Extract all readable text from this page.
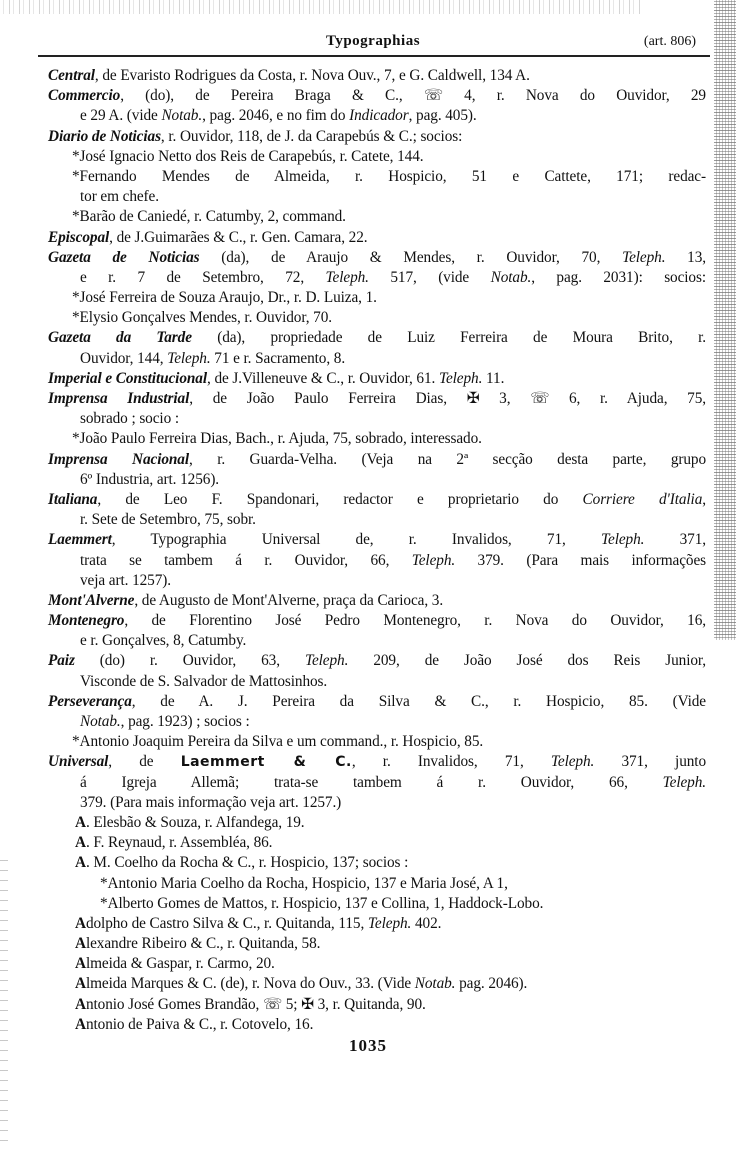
Typographias	(art. 806)
Central, de Evaristo Rodrigues da Costa, r. Nova Ouv., 7, e G. Caldwell, 134 A.
Commercio, (do), de Pereira Braga & C., ☏ 4, r. Nova do Ouvidor, 29
e 29 A. (vide Notab., pag. 2046, e no fim do Indicador, pag. 405).
Diario de Noticias, r. Ouvidor, 118, de J. da Carapebús & C.; socios:
*José Ignacio Netto dos Reis de Carapebús, r. Catete, 144.
*Fernando Mendes de Almeida, r. Hospicio, 51 e Cattete, 171; redac-
tor em chefe.
*Barão de Caniedé, r. Catumby, 2, command.
Episcopal, de J.Guimarães & C., r. Gen. Camara, 22.
Gazeta de Noticias (da), de Araujo & Mendes, r. Ouvidor, 70, Teleph. 13,
e r. 7 de Setembro, 72, Teleph. 517, (vide Notab., pag. 2031): socios:
*José Ferreira de Souza Araujo, Dr., r. D. Luiza, 1.
*Elysio Gonçalves Mendes, r. Ouvidor, 70.
Gazeta da Tarde (da), propriedade de Luiz Ferreira de Moura Brito, r.
Ouvidor, 144, Teleph. 71 e r. Sacramento, 8.
Imperial e Constitucional, de J.Villeneuve & C., r. Ouvidor, 61. Teleph. 11.
Imprensa Industrial, de João Paulo Ferreira Dias, ✠ 3, ☏ 6, r. Ajuda, 75,
sobrado ; socio :
*João Paulo Ferreira Dias, Bach., r. Ajuda, 75, sobrado, interessado.
Imprensa Nacional, r. Guarda-Velha. (Veja na 2ª secção desta parte, grupo
6º Industria, art. 1256).
Italiana, de Leo F. Spandonari, redactor e proprietario do Corriere d'Italia,
r. Sete de Setembro, 75, sobr.
Laemmert, Typographia Universal de, r. Invalidos, 71, Teleph. 371,
trata se tambem á r. Ouvidor, 66, Teleph. 379. (Para mais informações
veja art. 1257).
Mont'Alverne, de Augusto de Mont'Alverne, praça da Carioca, 3.
Montenegro, de Florentino José Pedro Montenegro, r. Nova do Ouvidor, 16,
e r. Gonçalves, 8, Catumby.
Paiz (do) r. Ouvidor, 63, Teleph. 209, de João José dos Reis Junior,
Visconde de S. Salvador de Mattosinhos.
Perseverança, de A. J. Pereira da Silva & C., r. Hospicio, 85. (Vide
Notab., pag. 1923) ; socios :
*Antonio Joaquim Pereira da Silva e um command., r. Hospicio, 85.
Universal, de Laemmert & C., r. Invalidos, 71, Teleph. 371, junto
á Igreja Allemã; trata-se tambem á r. Ouvidor, 66, Teleph.
379. (Para mais informação veja art. 1257.)
A. Elesbão & Souza, r. Alfandega, 19.
A. F. Reynaud, r. Assembléa, 86.
A. M. Coelho da Rocha & C., r. Hospicio, 137; socios :
*Antonio Maria Coelho da Rocha, Hospicio, 137 e Maria José, A 1,
*Alberto Gomes de Mattos, r. Hospicio, 137 e Collina, 1, Haddock-Lobo.
Adolpho de Castro Silva & C., r. Quitanda, 115, Teleph. 402.
Alexandre Ribeiro & C., r. Quitanda, 58.
Almeida & Gaspar, r. Carmo, 20.
Almeida Marques & C. (de), r. Nova do Ouv., 33. (Vide Notab. pag. 2046).
Antonio José Gomes Brandão, ☏ 5; ✠ 3, r. Quitanda, 90.
Antonio de Paiva & C., r. Cotovelo, 16.
1035
